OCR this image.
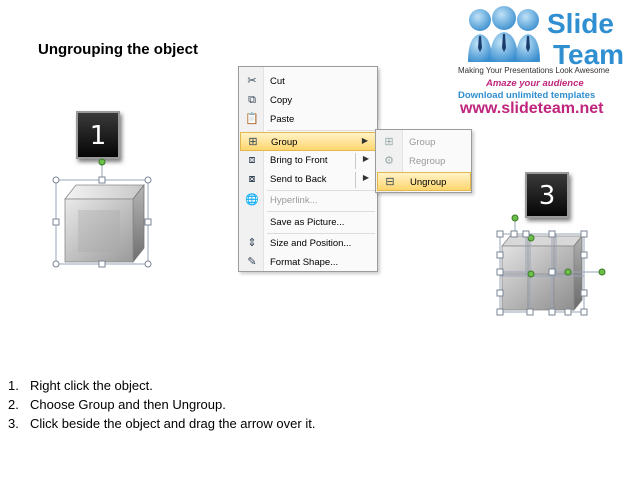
Ungrouping the object
Slide
Team
Making Your Presentations Look Awesome
Amaze your audience
Download unlimited templates
www.slideteam.net
1
3
✂ Cut
⧉	Copy
📋 Paste
⊞ Group	▶
⧈	Bring to Front	▶
⧇	Send to Back	▶
🌐 Hyperlink...
Save as Picture...
⇕ Size and Position...
✎ Format Shape...
⊞ Group
⚙ Regroup
⊟ Ungroup
1. Right click the object.
2. Choose Group and then Ungroup.
3. Click beside the object and drag the arrow over it.
